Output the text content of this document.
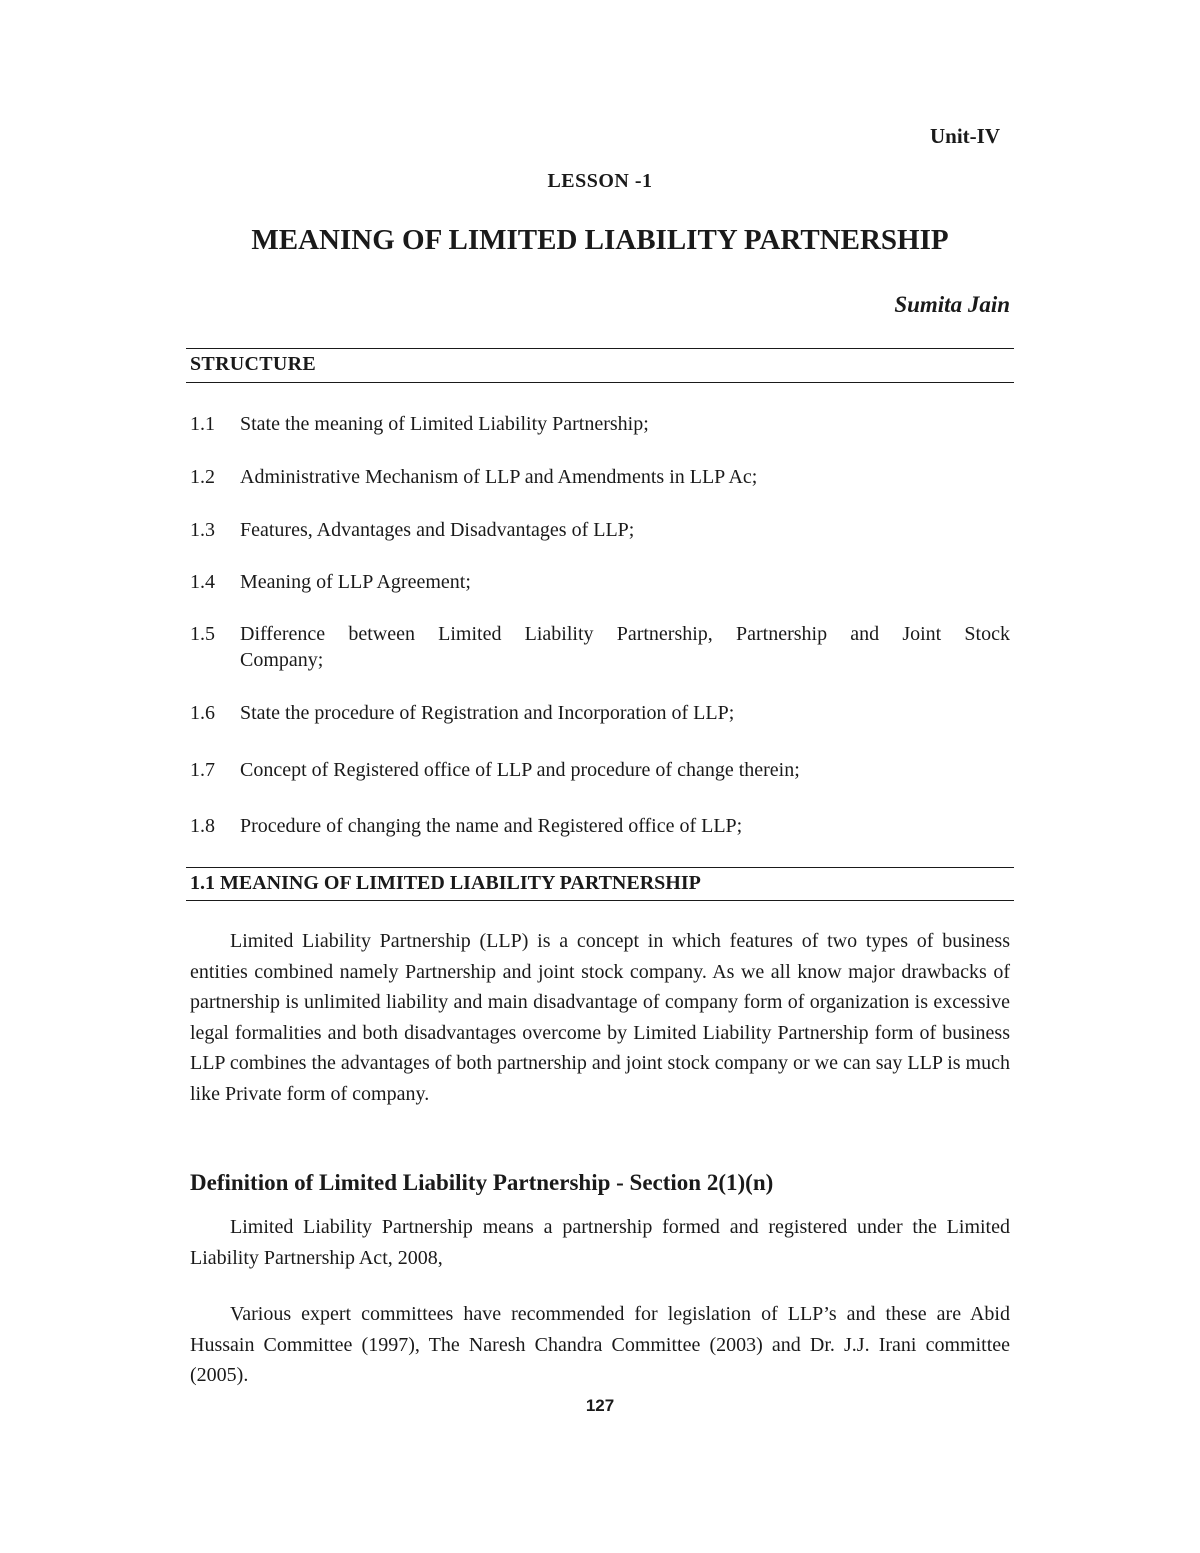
Unit-IV
LESSON -1
MEANING OF LIMITED LIABILITY PARTNERSHIP
Sumita Jain
STRUCTURE
1.1 State the meaning of Limited Liability Partnership;
1.2 Administrative Mechanism of LLP and Amendments in LLP Ac;
1.3 Features, Advantages and Disadvantages of LLP;
1.4 Meaning of LLP Agreement;
1.5 Difference between Limited Liability Partnership, Partnership and Joint Stock
Company;
1.6 State the procedure of Registration and Incorporation of LLP;
1.7 Concept of Registered office of LLP and procedure of change therein;
1.8 Procedure of changing the name and Registered office of LLP;
1.1 MEANING OF LIMITED LIABILITY PARTNERSHIP
Limited Liability Partnership (LLP) is a concept in which features of two types of business entities combined namely Partnership and joint stock company. As we all know major drawbacks of partnership is unlimited liability and main disadvantage of company form of organization is excessive legal formalities and both disadvantages overcome by Limited Liability Partnership form of business LLP combines the advantages of both partnership and joint stock company or we can say LLP is much like Private form of company.
Definition of Limited Liability Partnership - Section 2(1)(n)
Limited Liability Partnership means a partnership formed and registered under the Limited Liability Partnership Act, 2008,
Various expert committees have recommended for legislation of LLP’s and these are Abid Hussain Committee (1997), The Naresh Chandra Committee (2003) and Dr. J.J. Irani committee (2005).
127
